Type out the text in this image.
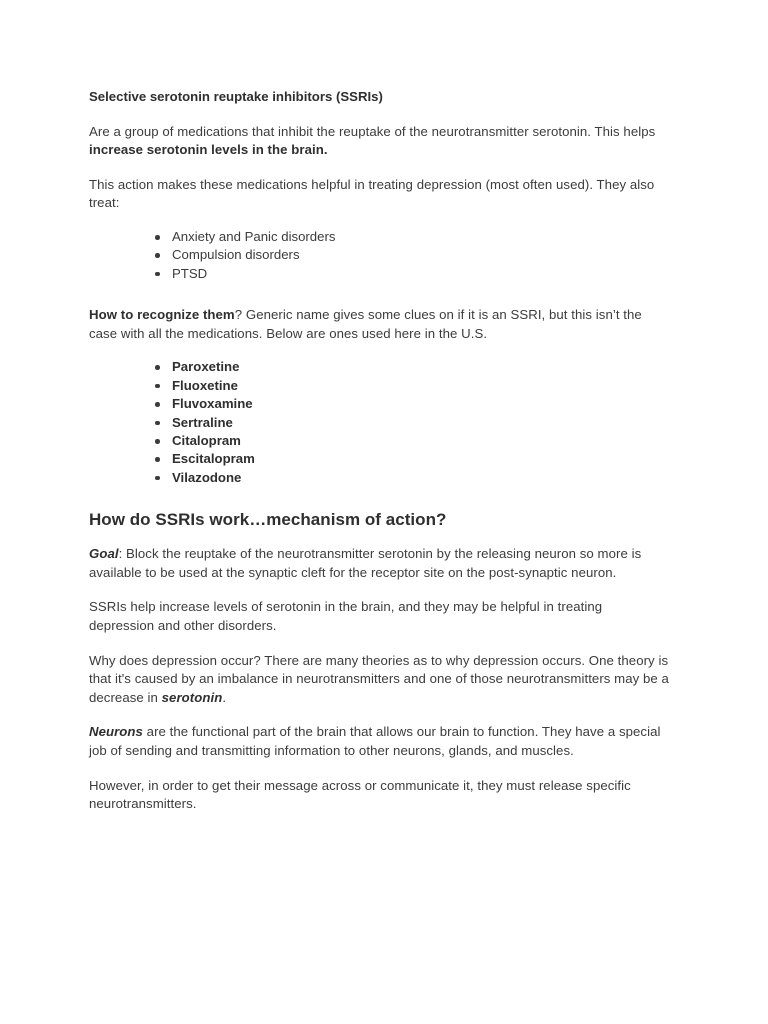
Selective serotonin reuptake inhibitors (SSRIs)

Are a group of medications that inhibit the reuptake of the neurotransmitter serotonin. This helps increase serotonin levels in the brain.

This action makes these medications helpful in treating depression (most often used). They also treat:

Anxiety and Panic disorders
Compulsion disorders
PTSD

How to recognize them? Generic name gives some clues on if it is an SSRI, but this isn’t the case with all the medications. Below are ones used here in the U.S.

Paroxetine
Fluoxetine
Fluvoxamine
Sertraline
Citalopram
Escitalopram
Vilazodone
How do SSRIs work…mechanism of action?

Goal: Block the reuptake of the neurotransmitter serotonin by the releasing neuron so more is available to be used at the synaptic cleft for the receptor site on the post-synaptic neuron.

SSRIs help increase levels of serotonin in the brain, and they may be helpful in treating depression and other disorders.

Why does depression occur? There are many theories as to why depression occurs. One theory is that it's caused by an imbalance in neurotransmitters and one of those neurotransmitters may be a decrease in serotonin.

Neurons are the functional part of the brain that allows our brain to function. They have a special job of sending and transmitting information to other neurons, glands, and muscles.

However, in order to get their message across or communicate it, they must release specific neurotransmitters.
